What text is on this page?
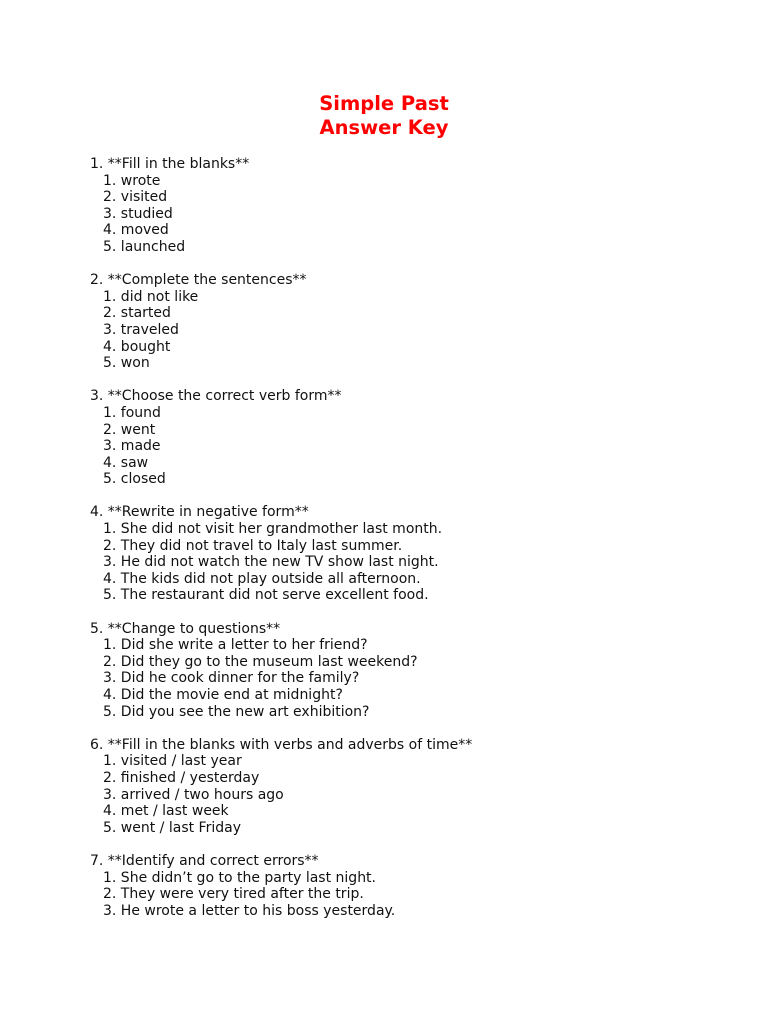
Simple Past
Answer Key
1. **Fill in the blanks**
1. wrote
2. visited
3. studied
4. moved
5. launched
2. **Complete the sentences**
1. did not like
2. started
3. traveled
4. bought
5. won
3. **Choose the correct verb form**
1. found
2. went
3. made
4. saw
5. closed
4. **Rewrite in negative form**
1. She did not visit her grandmother last month.
2. They did not travel to Italy last summer.
3. He did not watch the new TV show last night.
4. The kids did not play outside all afternoon.
5. The restaurant did not serve excellent food.
5. **Change to questions**
1. Did she write a letter to her friend?
2. Did they go to the museum last weekend?
3. Did he cook dinner for the family?
4. Did the movie end at midnight?
5. Did you see the new art exhibition?
6. **Fill in the blanks with verbs and adverbs of time**
1. visited / last year
2. finished / yesterday
3. arrived / two hours ago
4. met / last week
5. went / last Friday
7. **Identify and correct errors**
1. She didn’t go to the party last night.
2. They were very tired after the trip.
3. He wrote a letter to his boss yesterday.
